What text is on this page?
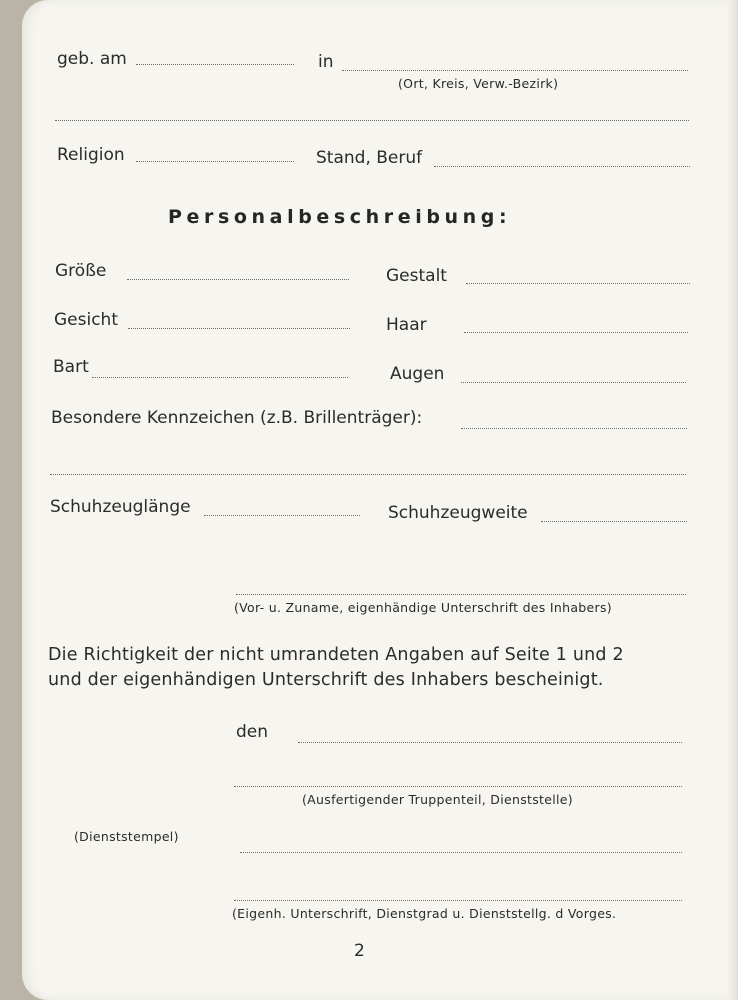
geb. am	in
(Ort, Kreis, Verw.-Bezirk)
Religion	Stand, Beruf
Personalbeschreibung:
Größe	Gestalt
Gesicht	Haar
Bart	Augen
Besondere Kennzeichen (z.B. Brillenträger):
Schuhzeuglänge	Schuhzeugweite
(Vor- u. Zuname, eigenhändige Unterschrift des Inhabers)
Die Richtigkeit der nicht umrandeten Angaben auf Seite 1 und 2
und der eigenhändigen Unterschrift des Inhabers bescheinigt.
den
(Ausfertigender Truppenteil, Dienststelle)
(Dienststempel)
(Eigenh. Unterschrift, Dienstgrad u. Dienststellg. d Vorges.
2
